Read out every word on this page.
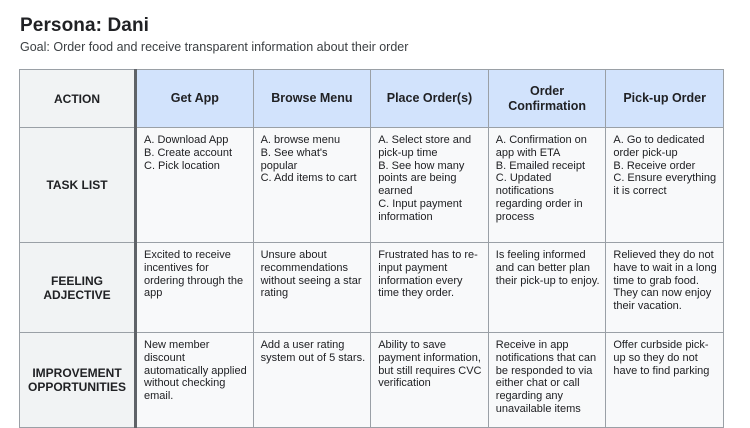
Persona: Dani
Goal: Order food and receive transparent information about their order
ACTION	Get App	Browse Menu	Place Order(s)	Order Confirmation	Pick-up Order
TASK LIST	A. Download App
B. Create account
C. Pick location	A. browse menu
B. See what's popular
C. Add items to cart	A. Select store and pick-up time
B. See how many points are being earned
C. Input payment information	A. Confirmation on app with ETA
B. Emailed receipt
C. Updated notifications regarding order in process	A. Go to dedicated order pick-up
B. Receive order
C. Ensure everything it is correct

FEELING ADJECTIVE	Excited to receive incentives for ordering through the app	Unsure about recommendations without seeing a star rating	Frustrated has to re-input payment information every time they order.	Is feeling informed and can better plan their pick-up to enjoy.	Relieved they do not have to wait in a long time to grab food. They can now enjoy their vacation.

IMPROVEMENT OPPORTUNITIES	New member discount automatically applied without checking email.	Add a user rating system out of 5 stars.	Ability to save payment information, but still requires CVC verification	Receive in app notifications that can be responded to via either chat or call regarding any unavailable items	Offer curbside pick-up so they do not have to find parking
